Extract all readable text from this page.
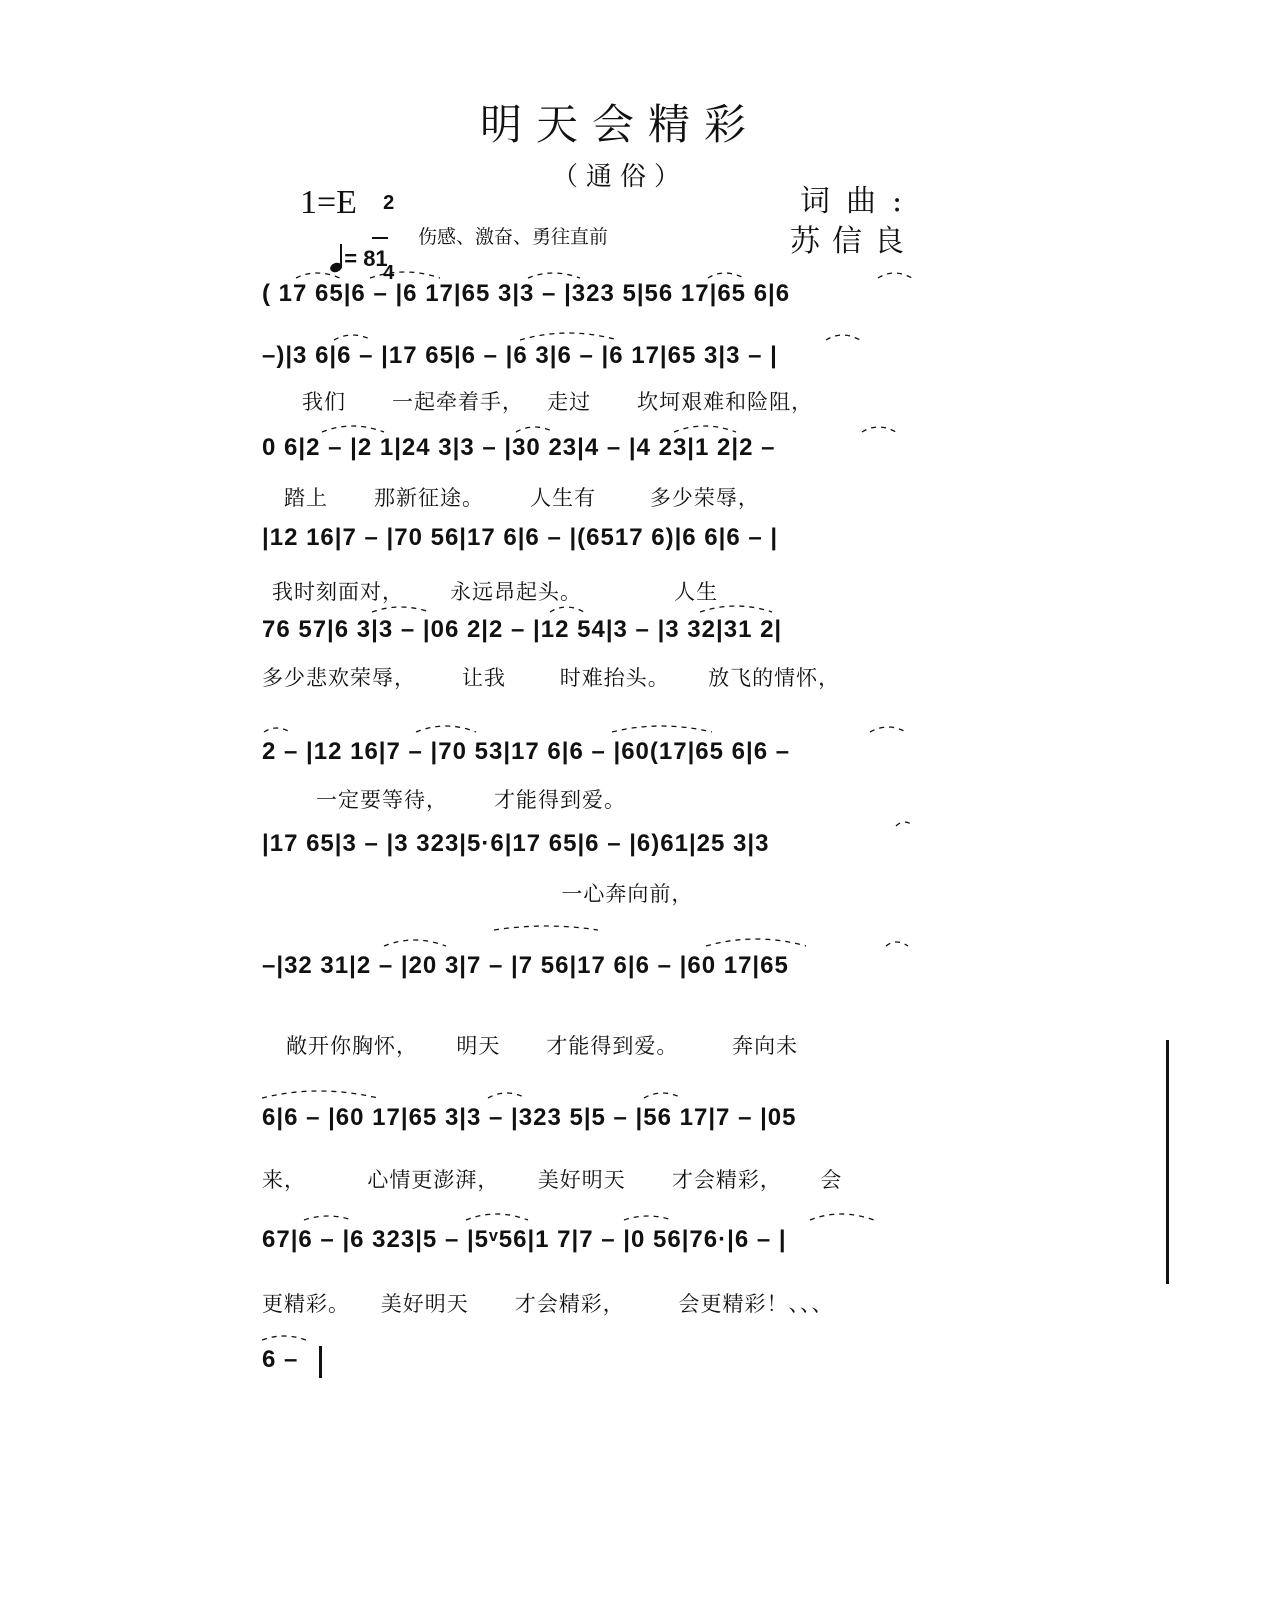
明天会精彩
（通俗）
1=E	2

4

= 81

伤感、激奋、勇往直前
词曲:
苏信良
( 17 65|6 – |6 17|65 3|3 – |323 5|56 17|65 6|6
–)|3 6|6 – |17 65|6 – |6 3|6 – |6 17|65 3|3 – |
我们      一起牵着手，   走过      坎坷艰难和险阻，
0 6|2 – |2 1|24 3|3 – |30 23|4 – |4 23|1 2|2 –
踏上      那新征途。      人生有       多少荣辱，
|12 16|7 – |70 56|17 6|6 – |(6517 6)|6 6|6 – |
我时刻面对，      永远昂起头。            人生
76 57|6 3|3 – |06 2|2 – |12 54|3 – |3 32|31 2|
多少悲欢荣辱，      让我       时难抬头。     放飞的情怀，
2 – |12 16|7 – |70 53|17 6|6 – |60(17|65 6|6 –
一定要等待，      才能得到爱。
|17 65|3 – |3 323|5·6|17 65|6 – |6)61|25 3|3
一心奔向前，
–|32 31|2 – |20 3|7 – |7 56|17 6|6 – |60 17|65
敞开你胸怀，     明天      才能得到爱。       奔向未
6|6 – |60 17|65 3|3 – |323 5|5 – |56 17|7 – |05
来，        心情更澎湃，     美好明天      才会精彩，     会
67|6 – |6 323|5 – |5ᵛ56|1 7|7 – |0 56|76·|6 – |
更精彩。    美好明天      才会精彩，       会更精彩！、、、
6 –
